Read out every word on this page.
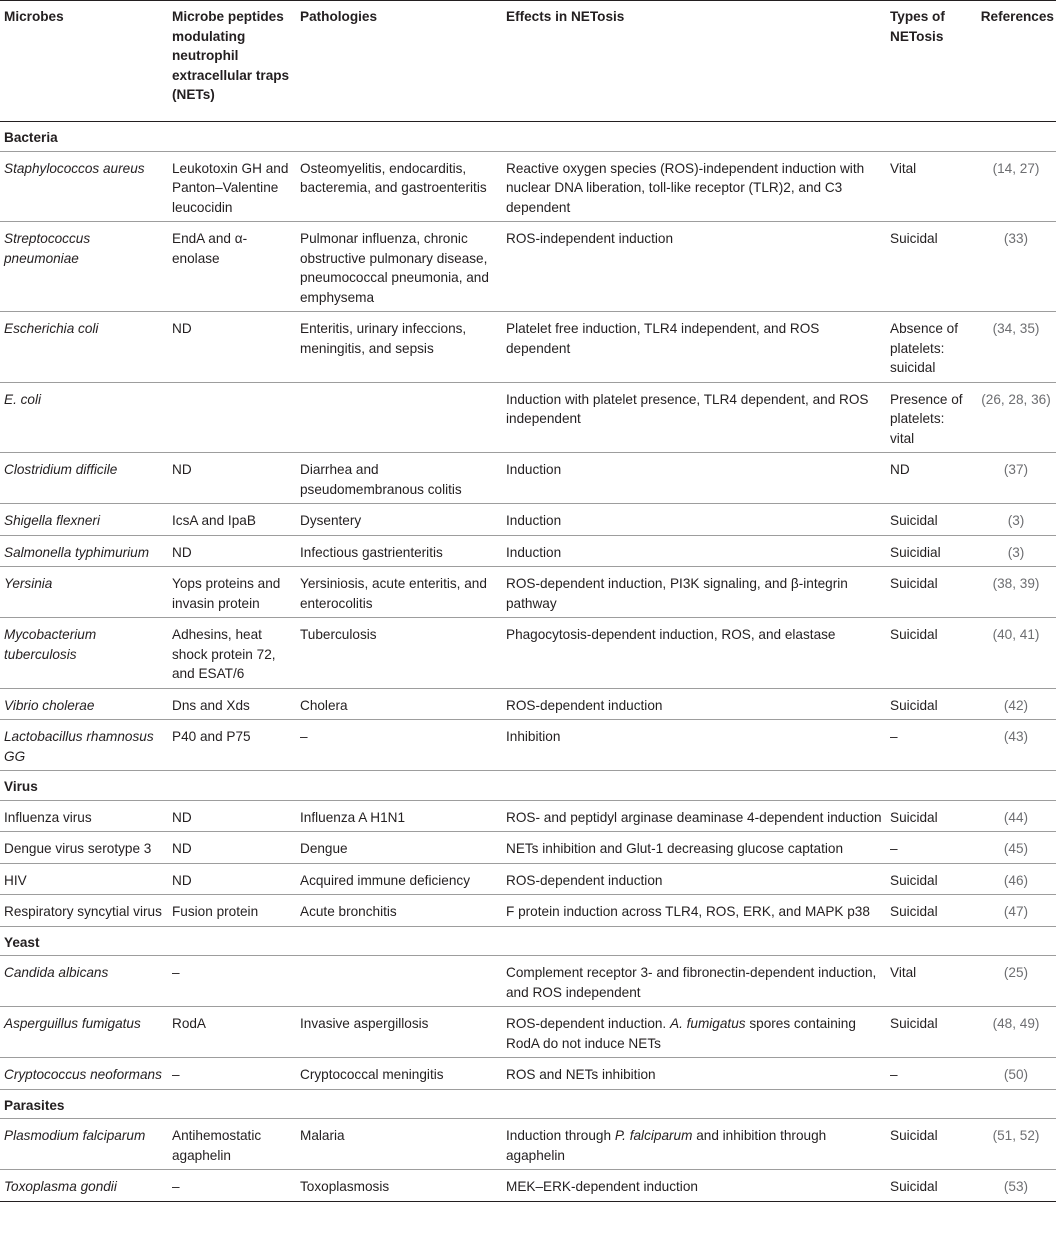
Microbes	Microbe peptides modulating neutrophil extracellular traps (NETs)	Pathologies	Effects in NETosis	Types of NETosis	References
Bacteria					
Staphylococcos aureus	Leukotoxin GH and Panton–Valentine leucocidin	Osteomyelitis, endocarditis, bacteremia, and gastroenteritis	Reactive oxygen species (ROS)-independent induction with nuclear DNA liberation, toll-like receptor (TLR)2, and C3 dependent	Vital	(14, 27)
Streptococcus pneumoniae	EndA and α-enolase	Pulmonar influenza, chronic obstructive pulmonary disease, pneumococcal pneumonia, and emphysema	ROS-independent induction	Suicidal	(33)
Escherichia coli	ND	Enteritis, urinary infeccions, meningitis, and sepsis	Platelet free induction, TLR4 independent, and ROS dependent	Absence of platelets: suicidal	(34, 35)
E. coli			Induction with platelet presence, TLR4 dependent, and ROS independent	Presence of platelets: vital	(26, 28, 36)
Clostridium difficile	ND	Diarrhea and pseudomembranous colitis	Induction	ND	(37)
Shigella flexneri	IcsA and IpaB	Dysentery	Induction	Suicidal	(3)
Salmonella typhimurium	ND	Infectious gastrienteritis	Induction	Suicidial	(3)
Yersinia	Yops proteins and invasin protein	Yersiniosis, acute enteritis, and enterocolitis	ROS-dependent induction, PI3K signaling, and β-integrin pathway	Suicidal	(38, 39)
Mycobacterium tuberculosis	Adhesins, heat shock protein 72, and ESAT/6	Tuberculosis	Phagocytosis-dependent induction, ROS, and elastase	Suicidal	(40, 41)
Vibrio cholerae	Dns and Xds	Cholera	ROS-dependent induction	Suicidal	(42)
Lactobacillus rhamnosus GG	P40 and P75	–	Inhibition	–	(43)
Virus					
Influenza virus	ND	Influenza A H1N1	ROS- and peptidyl arginase deaminase 4-dependent induction	Suicidal	(44)
Dengue virus serotype 3	ND	Dengue	NETs inhibition and Glut-1 decreasing glucose captation	–	(45)
HIV	ND	Acquired immune deficiency	ROS-dependent induction	Suicidal	(46)
Respiratory syncytial virus	Fusion protein	Acute bronchitis	F protein induction across TLR4, ROS, ERK, and MAPK p38	Suicidal	(47)
Yeast					
Candida albicans	–		Complement receptor 3- and fibronectin-dependent induction, and ROS independent	Vital	(25)
Asperguillus fumigatus	RodA	Invasive aspergillosis	ROS-dependent induction. A. fumigatus spores containing RodA do not induce NETs	Suicidal	(48, 49)
Cryptococcus neoformans	–	Cryptococcal meningitis	ROS and NETs inhibition	–	(50)
Parasites					
Plasmodium falciparum	Antihemostatic agaphelin	Malaria	Induction through P. falciparum and inhibition through agaphelin	Suicidal	(51, 52)
Toxoplasma gondii	–	Toxoplasmosis	MEK–ERK-dependent induction	Suicidal	(53)
